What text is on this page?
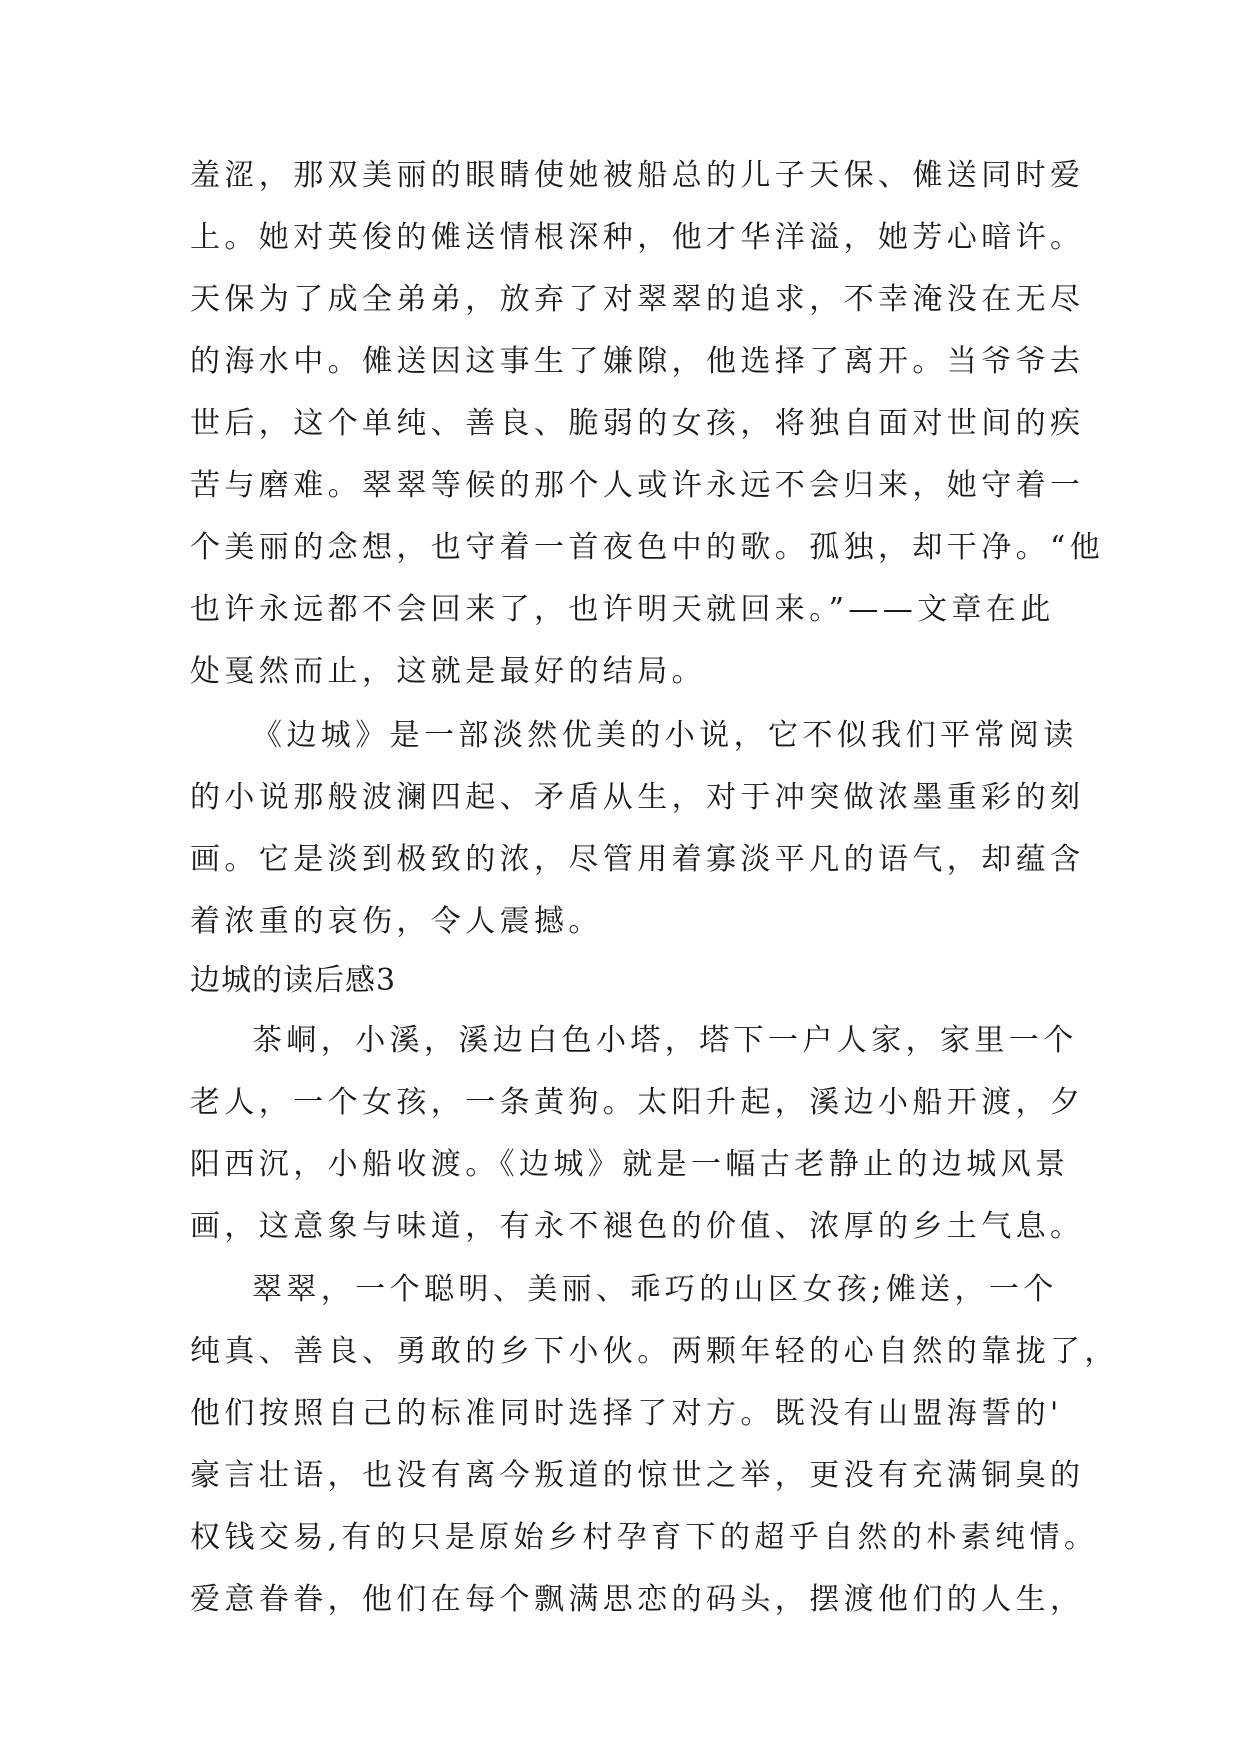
羞涩，那双美丽的眼睛使她被船总的儿子天保、傩送同时爱
上。她对英俊的傩送情根深种，他才华洋溢，她芳心暗许。
天保为了成全弟弟，放弃了对翠翠的追求，不幸淹没在无尽
的海水中。傩送因这事生了嫌隙，他选择了离开。当爷爷去
世后，这个单纯、善良、脆弱的女孩，将独自面对世间的疾
苦与磨难。翠翠等候的那个人或许永远不会归来，她守着一
个美丽的念想，也守着一首夜色中的歌。孤独，却干净。“他
也许永远都不会回来了，也许明天就回来。”——文章在此
处戛然而止，这就是最好的结局。
《边城》是一部淡然优美的小说，它不似我们平常阅读
的小说那般波澜四起、矛盾从生，对于冲突做浓墨重彩的刻
画。它是淡到极致的浓，尽管用着寡淡平凡的语气，却蕴含
着浓重的哀伤，令人震撼。
边城的读后感3
茶峒，小溪，溪边白色小塔，塔下一户人家，家里一个
老人，一个女孩，一条黄狗。太阳升起，溪边小船开渡，夕
阳西沉，小船收渡。《边城》就是一幅古老静止的边城风景
画，这意象与味道，有永不褪色的价值、浓厚的乡土气息。
翠翠，一个聪明、美丽、乖巧的山区女孩;傩送，一个
纯真、善良、勇敢的乡下小伙。两颗年轻的心自然的靠拢了，
他们按照自己的标准同时选择了对方。既没有山盟海誓的'
豪言壮语，也没有离今叛道的惊世之举，更没有充满铜臭的
权钱交易,有的只是原始乡村孕育下的超乎自然的朴素纯情。
爱意眷眷，他们在每个飘满思恋的码头，摆渡他们的人生，
